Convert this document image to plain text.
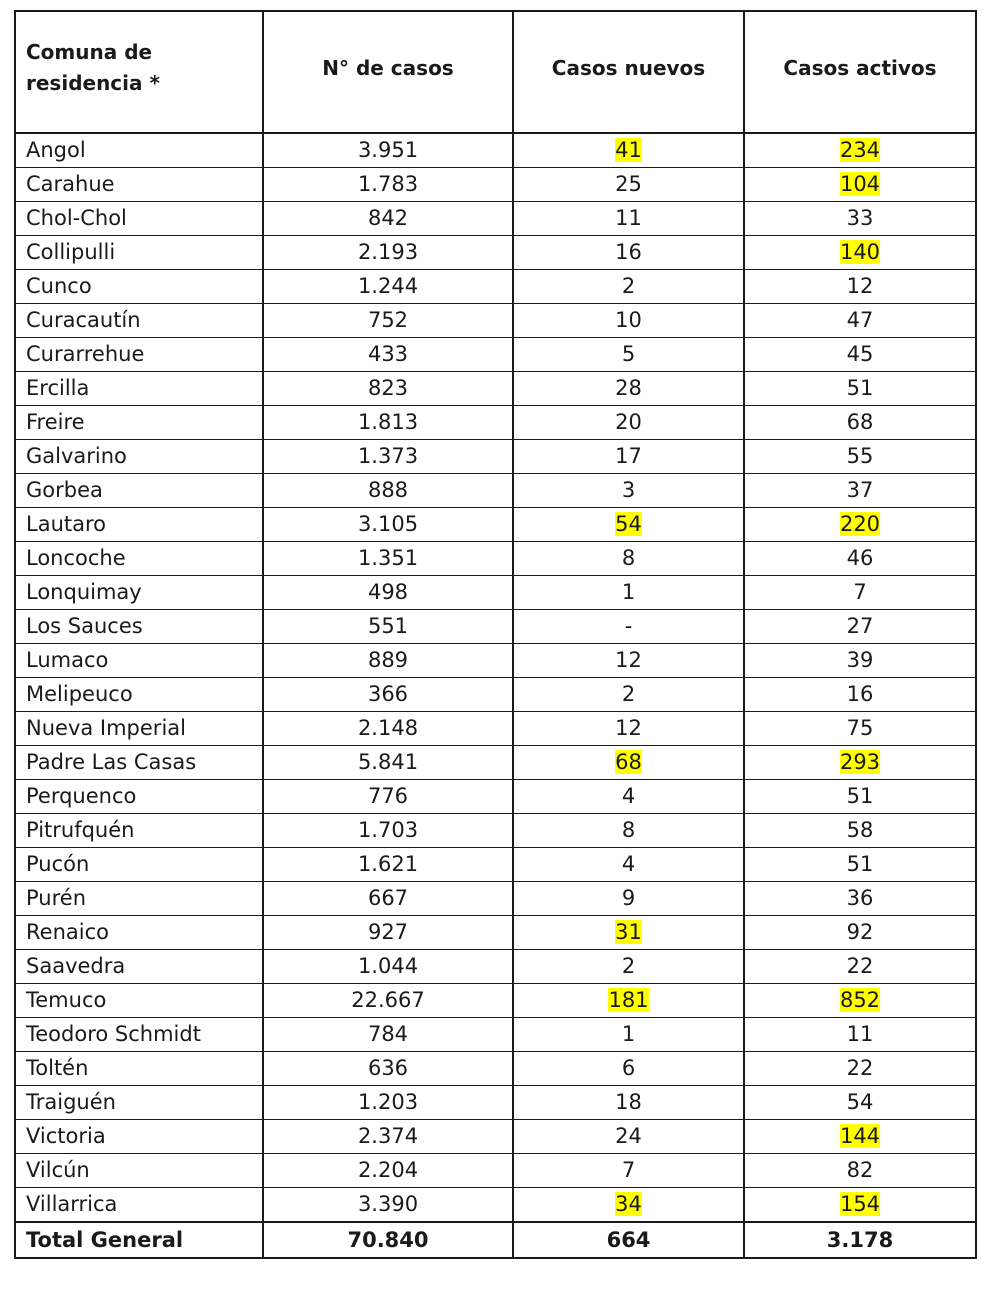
Comuna de residencia *	N° de casos	Casos nuevos	Casos activos
Angol	3.951	41	234
Carahue	1.783	25	104
Chol-Chol	842	11	33
Collipulli	2.193	16	140
Cunco	1.244	2	12
Curacautín	752	10	47
Curarrehue	433	5	45
Ercilla	823	28	51
Freire	1.813	20	68
Galvarino	1.373	17	55
Gorbea	888	3	37
Lautaro	3.105	54	220
Loncoche	1.351	8	46
Lonquimay	498	1	7
Los Sauces	551	-	27
Lumaco	889	12	39
Melipeuco	366	2	16
Nueva Imperial	2.148	12	75
Padre Las Casas	5.841	68	293
Perquenco	776	4	51
Pitrufquén	1.703	8	58
Pucón	1.621	4	51
Purén	667	9	36
Renaico	927	31	92
Saavedra	1.044	2	22
Temuco	22.667	181	852
Teodoro Schmidt	784	1	11
Toltén	636	6	22
Traiguén	1.203	18	54
Victoria	2.374	24	144
Vilcún	2.204	7	82
Villarrica	3.390	34	154
Total General	70.840	664	3.178
